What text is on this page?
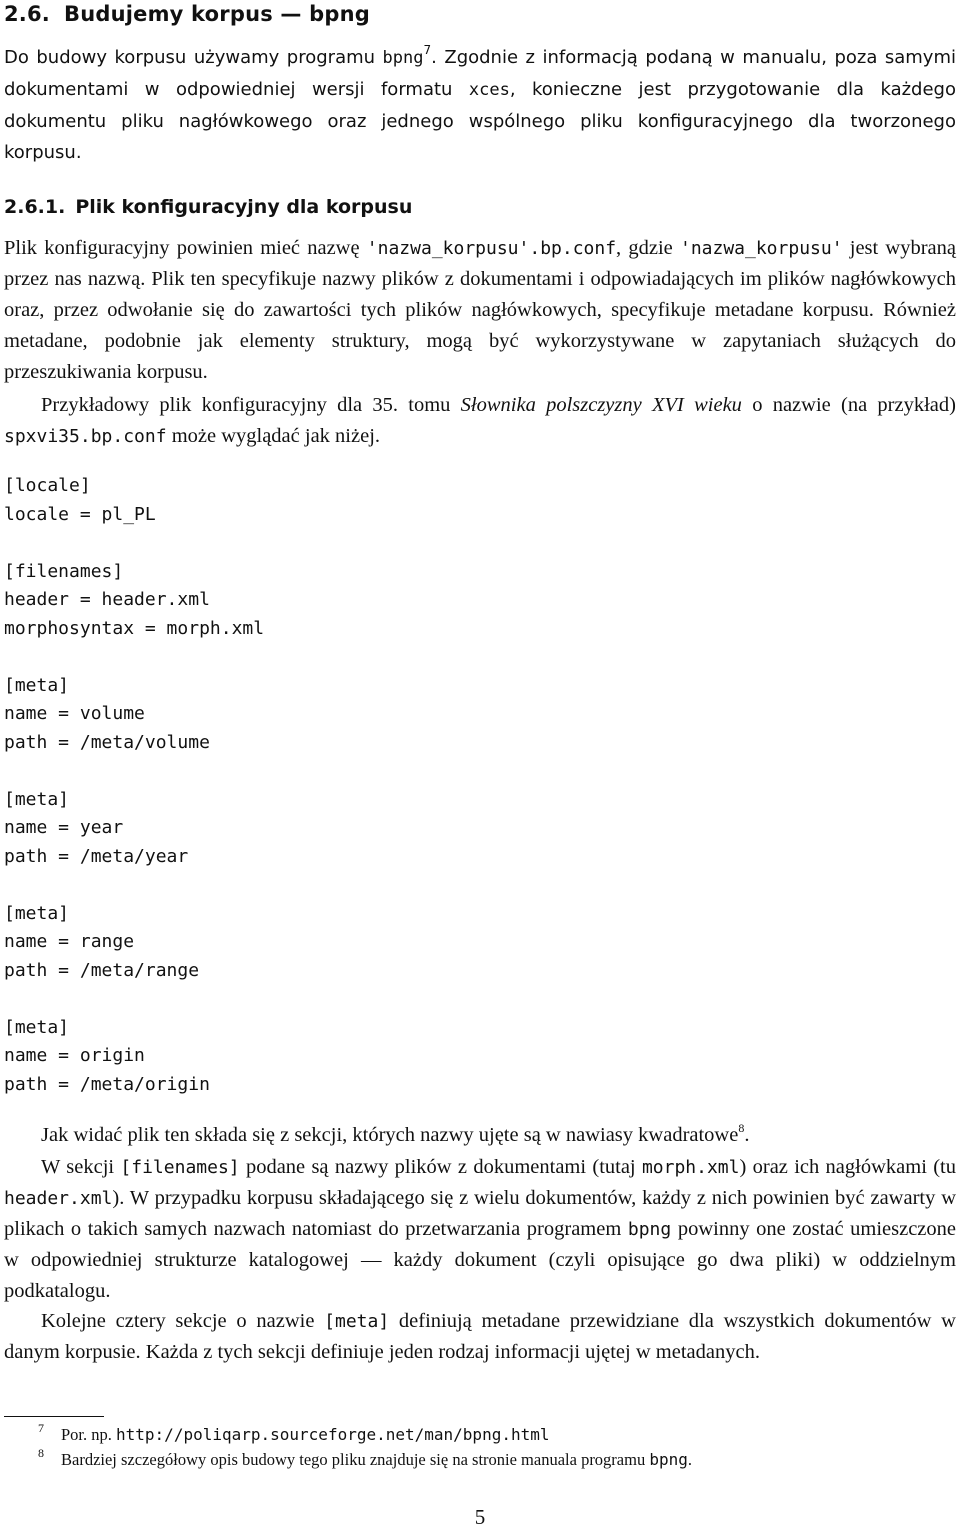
2.6. Budujemy korpus — bpng

Do budowy korpusu używamy programu bpng$^7$. Zgodnie z informacją podaną w manualu, poza samymi dokumentami w odpowiedniej wersji formatu xces, konieczne jest przygotowanie dla każdego dokumentu pliku nagłówkowego oraz jednego wspólnego pliku konfiguracyjnego dla tworzonego korpusu.

2.6.1. Plik konfiguracyjny dla korpusu

Plik konfiguracyjny powinien mieć nazwę 'nazwa_korpusu'.bp.conf, gdzie 'nazwa_korpusu' jest wybraną przez nas nazwą. Plik ten specyfikuje nazwy plików z dokumentami i odpowiadających im plików nagłówkowych oraz, przez odwołanie się do zawartości tych plików nagłówkowych, specyfikuje metadane korpusu. Również metadane, podobnie jak elementy struktury, mogą być wykorzystywane w zapytaniach służących do przeszukiwania korpusu.

Przykładowy plik konfiguracyjny dla 35. tomu Słownika polszczyzny XVI wieku o nazwie (na przykład) spxvi35.bp.conf może wyglądać jak niżej.

[locale]
locale = pl_PL

[filenames]
header = header.xml
morphosyntax = morph.xml

[meta]
name = volume
path = /meta/volume

[meta]
name = year
path = /meta/year

[meta]
name = range
path = /meta/range

[meta]
name = origin
path = /meta/origin

Jak widać plik ten składa się z sekcji, których nazwy ujęte są w nawiasy kwadratowe$^8$.

W sekcji [filenames] podane są nazwy plików z dokumentami (tutaj morph.xml) oraz ich nagłówkami (tu header.xml). W przypadku korpusu składającego się z wielu dokumentów, każdy z nich powinien być zawarty w plikach o takich samych nazwach natomiast do przetwarzania programem bpng powinny one zostać umieszczone w odpowiedniej strukturze katalogowej — każdy dokument (czyli opisujące go dwa pliki) w oddzielnym podkatalogu.

Kolejne cztery sekcje o nazwie [meta] definiują metadane przewidziane dla wszystkich dokumentów w danym korpusie. Każda z tych sekcji definiuje jeden rodzaj informacji ujętej w metadanych.

7 Por. np. http://poliqarp.sourceforge.net/man/bpng.html
8 Bardziej szczegółowy opis budowy tego pliku znajduje się na stronie manuala programu bpng.
5
